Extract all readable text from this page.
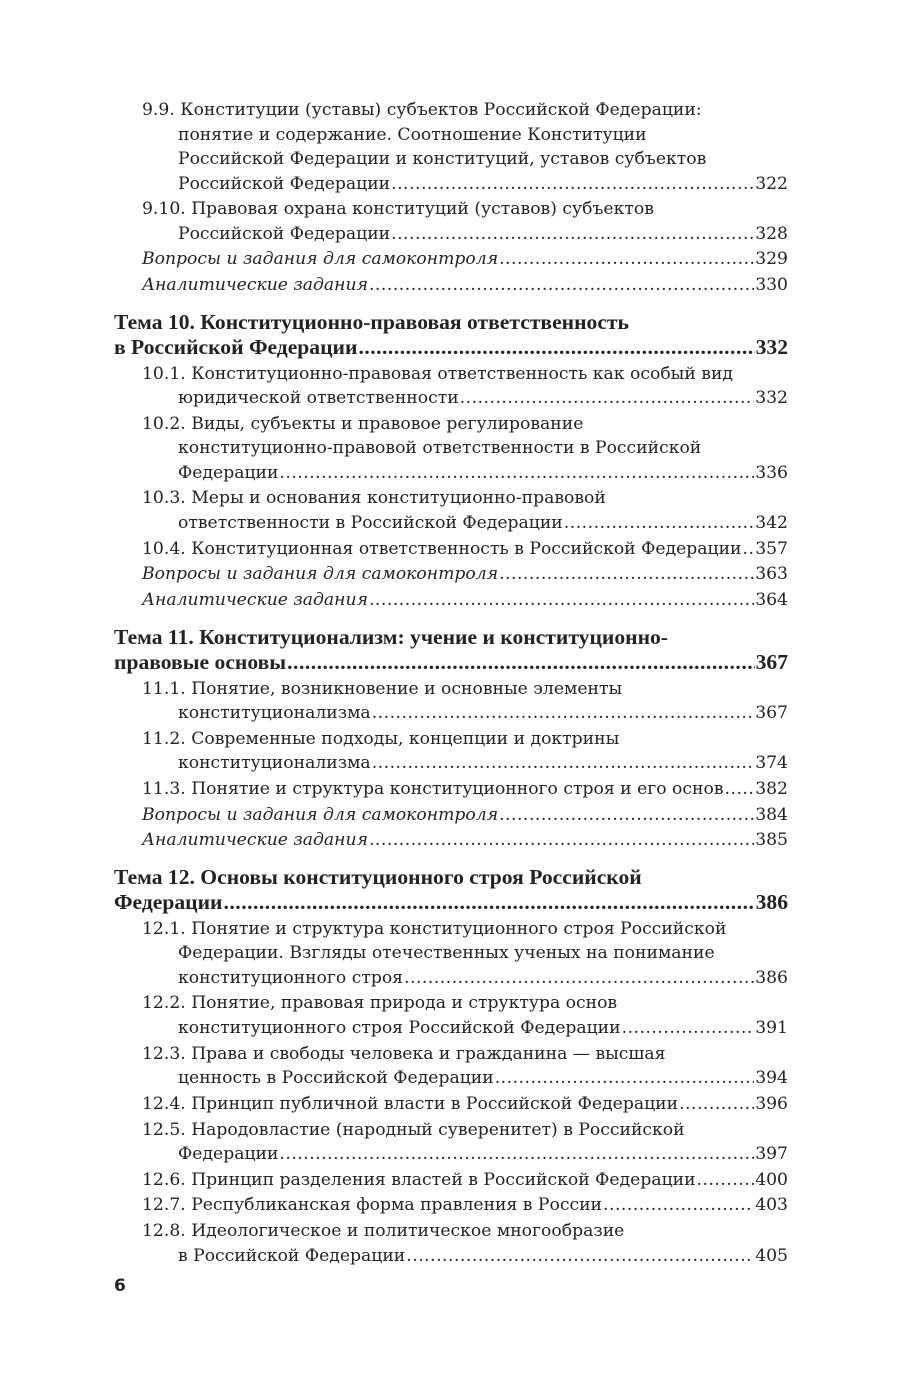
9.9. Конституции (уставы) субъектов Российской Федерации:
понятие и содержание. Соотношение Конституции
Российской Федерации и конституций, уставов субъектов
Российской Федерации .....	322
9.10. Правовая охрана конституций (уставов) субъектов
Российской Федерации .....	328
Вопросы и задания для самоконтроля .....	329
Аналитические задания .....	330
Тема 10. Конституционно-правовая ответственность
в Российской Федерации .....	332
10.1. Конституционно-правовая ответственность как особый вид
юридической ответственности .....	332
10.2. Виды, субъекты и правовое регулирование
конституционно-правовой ответственности в Российской
Федерации .....	336
10.3. Меры и основания конституционно-правовой
ответственности в Российской Федерации .....	342
10.4. Конституционная ответственность в Российской Федерации ..... 357
Вопросы и задания для самоконтроля .....	363
Аналитические задания .....	364
Тема 11. Конституционализм: учение и конституционно-
правовые основы .....	367
11.1. Понятие, возникновение и основные элементы
конституционализма .....	367
11.2. Современные подходы, концепции и доктрины
конституционализма .....	374
11.3. Понятие и структура конституционного строя и его основ ..... 382
Вопросы и задания для самоконтроля .....	384
Аналитические задания .....	385
Тема 12. Основы конституционного строя Российской
Федерации .....	386
12.1. Понятие и структура конституционного строя Российской
Федерации. Взгляды отечественных ученых на понимание
конституционного строя .....	386
12.2. Понятие, правовая природа и структура основ
конституционного строя Российской Федерации .....	391
12.3. Права и свободы человека и гражданина — высшая
ценность в Российской Федерации .....	394
12.4. Принцип публичной власти в Российской Федерации .....	396
12.5. Народовластие (народный суверенитет) в Российской
Федерации .....	397
12.6. Принцип разделения властей в Российской Федерации .....	400
12.7. Республиканская форма правления в России .....	403
12.8. Идеологическое и политическое многообразие
в Российской Федерации .....	405
6
